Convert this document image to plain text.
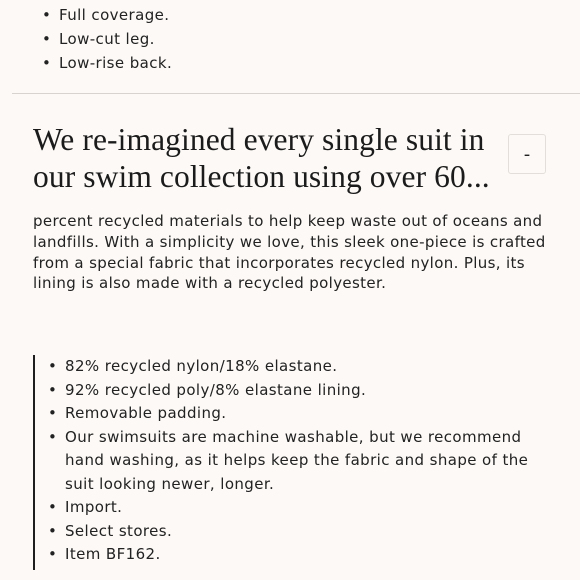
• Full coverage.
• Low-cut leg.
• Low-rise back.
We re-imagined every single suit in our swim collection using over 60...
-

percent recycled materials to help keep waste out of oceans and landfills. With a simplicity we love, this sleek one-piece is crafted from a special fabric that incorporates recycled nylon. Plus, its lining is also made with a recycled polyester.

• 82% recycled nylon/18% elastane.
• 92% recycled poly/8% elastane lining.
• Removable padding.
• Our swimsuits are machine washable, but we recommend hand washing, as it helps keep the fabric and shape of the suit looking newer, longer.
• Import.
• Select stores.
• Item BF162.
